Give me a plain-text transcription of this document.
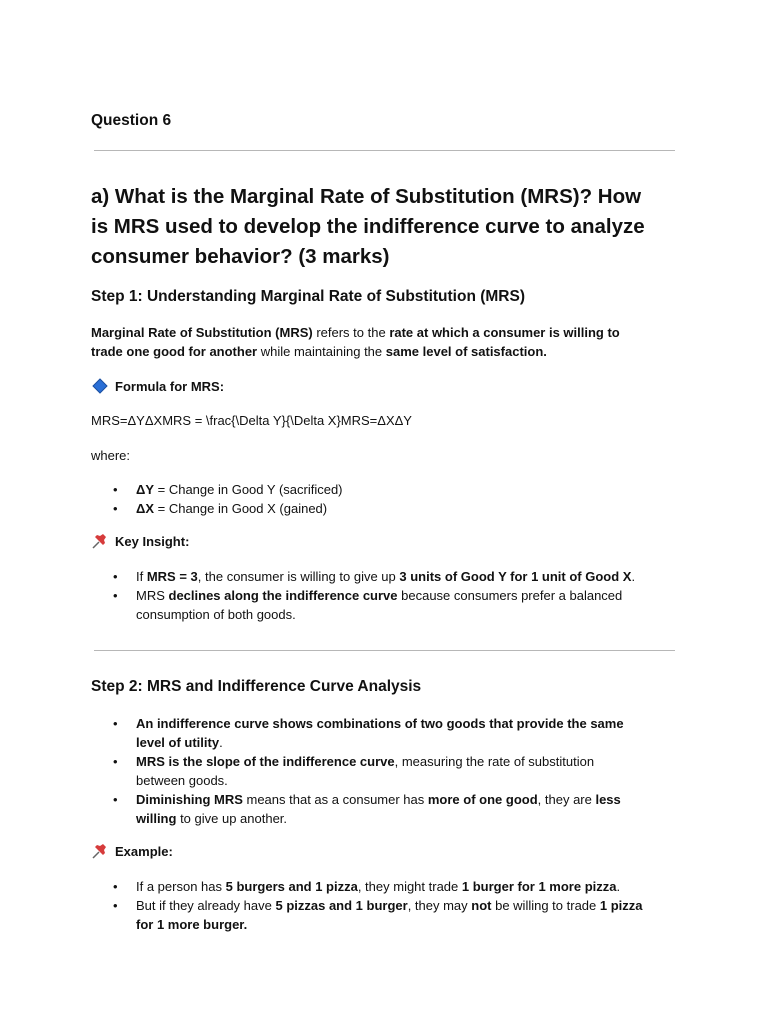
Question 6
a) What is the Marginal Rate of Substitution (MRS)? How
is MRS used to develop the indifference curve to analyze
consumer behavior? (3 marks)
Step 1: Understanding Marginal Rate of Substitution (MRS)
Marginal Rate of Substitution (MRS) refers to the rate at which a consumer is willing to
trade one good for another while maintaining the same level of satisfaction.
Formula for MRS:
MRS=ΔYΔXMRS = \frac{\Delta Y}{\Delta X}MRS=ΔXΔY
where:
• ΔY = Change in Good Y (sacrificed)
• ΔX = Change in Good X (gained)
Key Insight:
• If MRS = 3, the consumer is willing to give up 3 units of Good Y for 1 unit of Good X.
• MRS declines along the indifference curve because consumers prefer a balanced
consumption of both goods.
Step 2: MRS and Indifference Curve Analysis
• An indifference curve shows combinations of two goods that provide the same
level of utility.
• MRS is the slope of the indifference curve, measuring the rate of substitution
between goods.
• Diminishing MRS means that as a consumer has more of one good, they are less
willing to give up another.
Example:
• If a person has 5 burgers and 1 pizza, they might trade 1 burger for 1 more pizza.
• But if they already have 5 pizzas and 1 burger, they may not be willing to trade 1 pizza
for 1 more burger.
